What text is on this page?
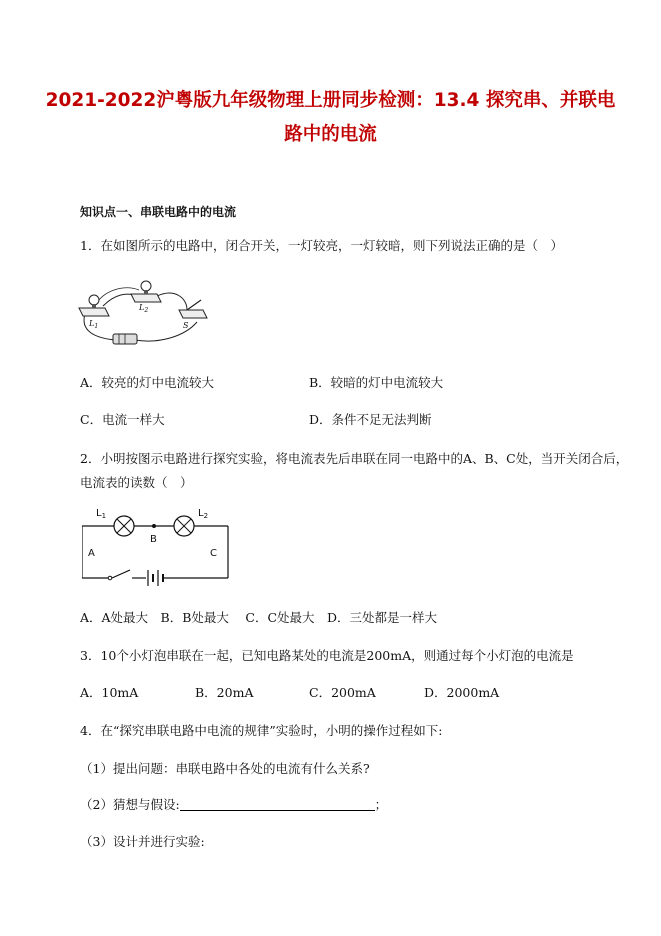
2021-2022沪粤版九年级物理上册同步检测：13.4 探究串、并联电路中的电流
知识点一、串联电路中的电流
1．在如图所示的电路中，闭合开关，一灯较亮，一灯较暗，则下列说法正确的是（　）
$L_1$
$L_2$
S
A．较亮的灯中电流较大	B．较暗的灯中电流较大
C．电流一样大	D．条件不足无法判断
2．小明按图示电路进行探究实验，将电流表先后串联在同一电路中的A、B、C处，当开关闭合后，
电流表的读数（　）
$L_1$	$L_2$
B
A	C
A．A处最大　B．B处最大　 C．C处最大　D．三处都是一样大
3．10个小灯泡串联在一起，已知电路某处的电流是200mA，则通过每个小灯泡的电流是
A．10mA	B．20mA	C．200mA	D．2000mA
4．在“探究串联电路中电流的规律”实验时，小明的操作过程如下:
（1）提出问题：串联电路中各处的电流有什么关系?
（2）猜想与假设:	；
（3）设计并进行实验:
